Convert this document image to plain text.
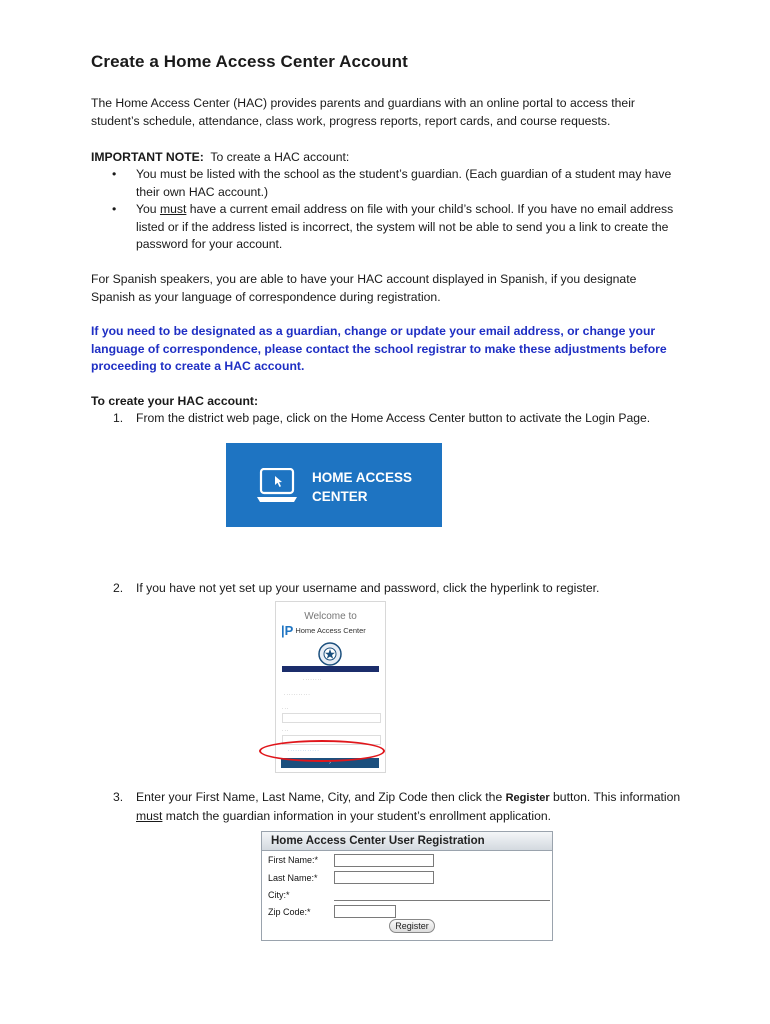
Create a Home Access Center Account

The Home Access Center (HAC) provides parents and guardians with an online portal to access their student’s schedule, attendance, class work, progress reports, report cards, and course requests.

IMPORTANT NOTE: To create a HAC account:

• You must be listed with the school as the student’s guardian. (Each guardian of a student may have their own HAC account.)
• You must have a current email address on file with your child’s school. If you have no email address listed or if the address listed is incorrect, the system will not be able to send you a link to create the password for your account.

For Spanish speakers, you are able to have your HAC account displayed in Spanish, if you designate Spanish as your language of correspondence during registration.

If you need to be designated as a guardian, change or update your email address, or change your language of correspondence, please contact the school registrar to make these adjustments before proceeding to create a HAC account.

To create your HAC account:

1. From the district web page, click on the Home Access Center button to activate the Login Page.
HOME ACCESS
CENTER
2. If you have not yet set up your username and password, click the hyperlink to register.
Welcome to
|P Home Access Center
· · · · · · · ·
· · · · · · · · · · ·
· · ·
· · ·
· · · · · · · · · · · · ·
›
3. Enter your First Name, Last Name, City, and Zip Code then click the Register button. This information must match the guardian information in your student’s enrollment application.
Home Access Center User Registration
First Name:*
Last Name:*
City:*
Zip Code:*
Register
